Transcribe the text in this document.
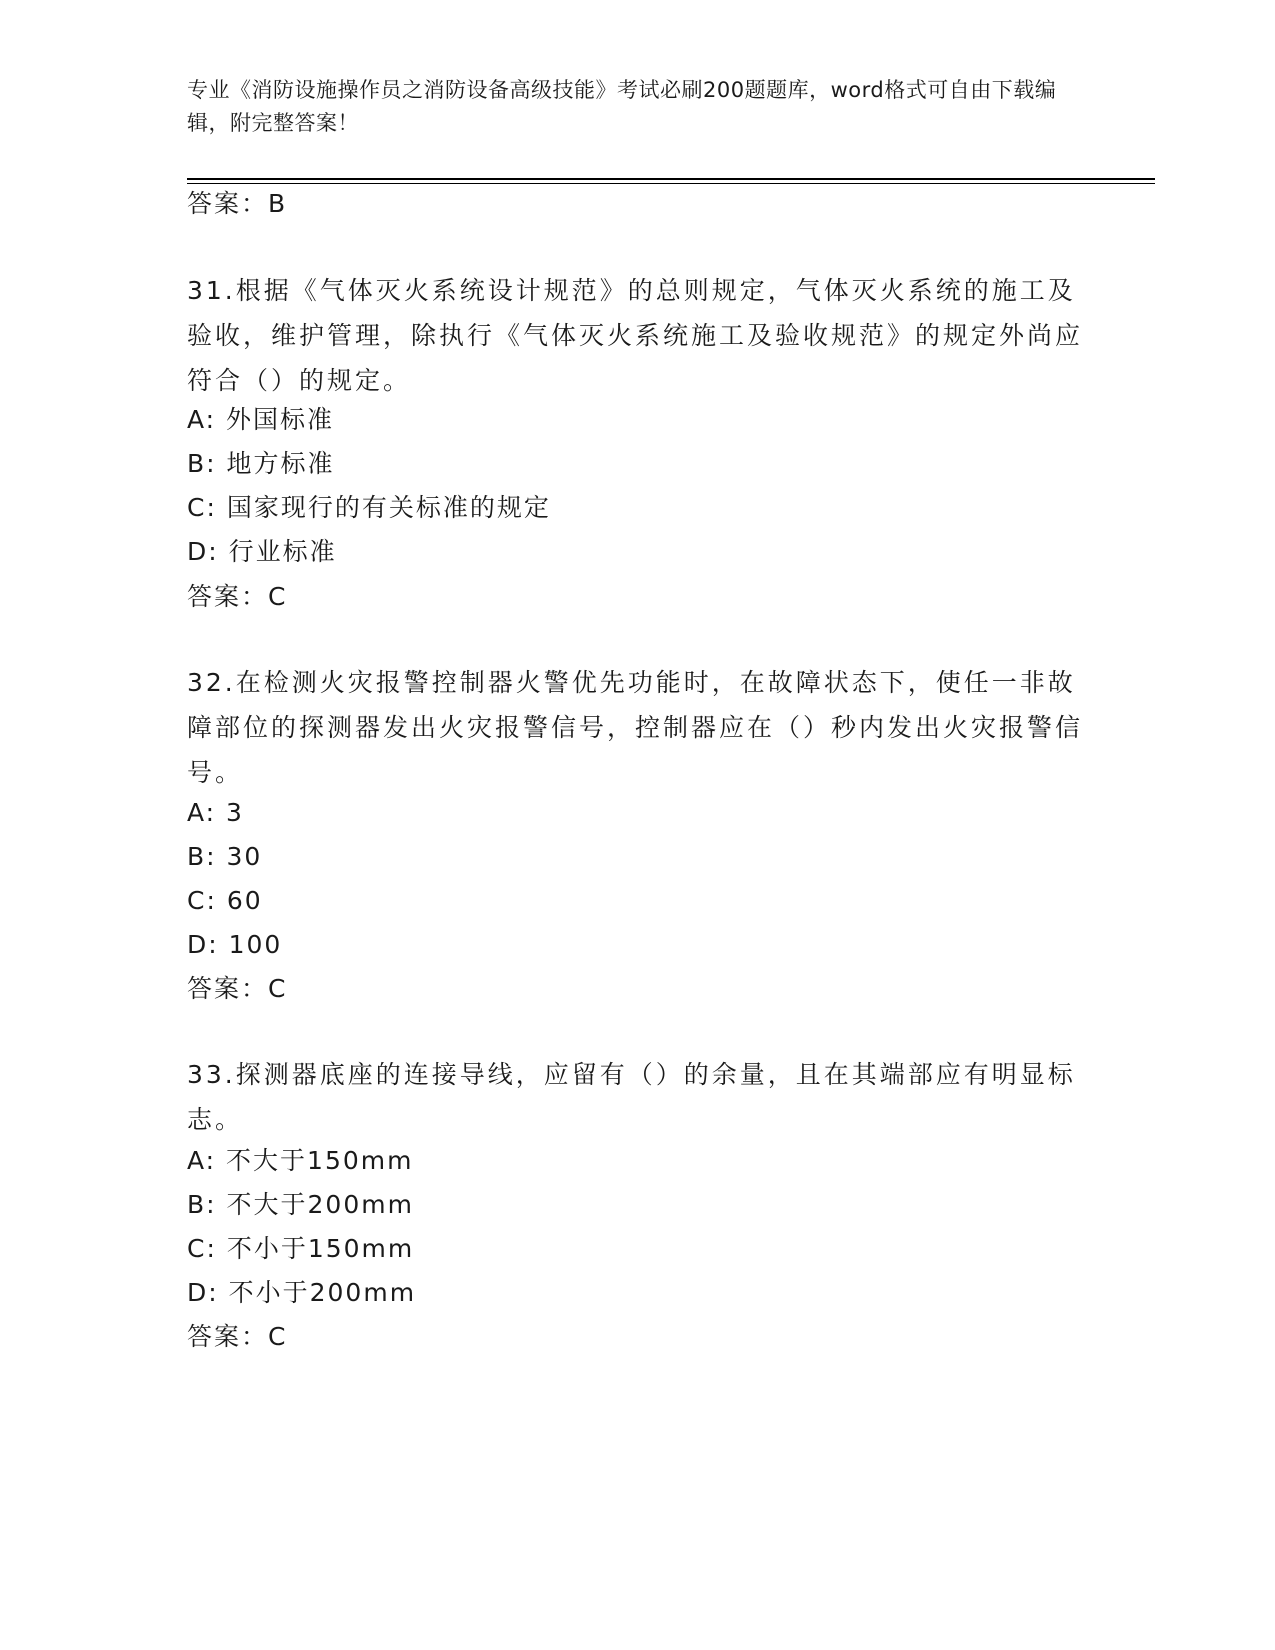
专业《消防设施操作员之消防设备高级技能》考试必刷200题题库，word格式可自由下载编辑，附完整答案！
答案：B
31.根据《气体灭火系统设计规范》的总则规定，气体灭火系统的施工及验收，维护管理，除执行《气体灭火系统施工及验收规范》的规定外尚应符合（）的规定。
A: 外国标准
B: 地方标准
C: 国家现行的有关标准的规定
D: 行业标准
答案：C
32.在检测火灾报警控制器火警优先功能时，在故障状态下，使任一非故障部位的探测器发出火灾报警信号，控制器应在（）秒内发出火灾报警信号。
A: 3
B: 30
C: 60
D: 100
答案：C
33.探测器底座的连接导线，应留有（）的余量，且在其端部应有明显标志。
A: 不大于150mm
B: 不大于200mm
C: 不小于150mm
D: 不小于200mm
答案：C
